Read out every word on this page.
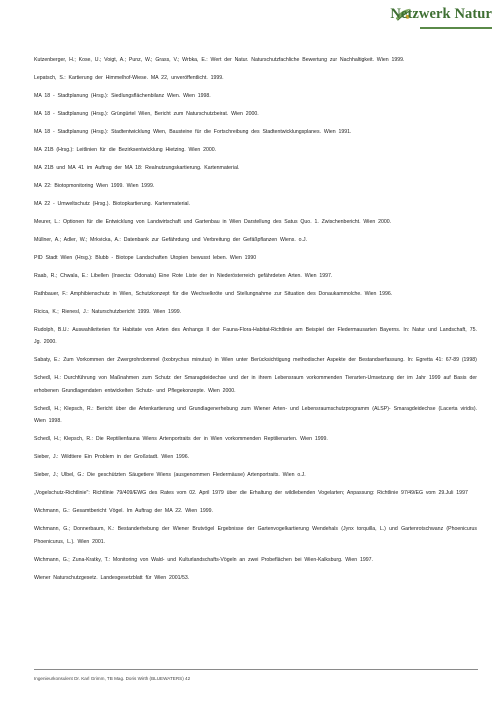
Netzwerk Natur

Kutzenberger, H.; Kose, U.; Voigt, A.; Punz, W.; Grass, V.; Wrbka, E.: Wert der Natur. Naturschutzfachliche Bewertung zur Nachhaltigkeit. Wien 1999.

Lepatsch, S.: Kartierung der Himmelhof-Wiese. MA 22, unveröffentlicht. 1999.

MA 18 - Stadtplanung (Hrsg.): Siedlungsflächenbilanz Wien. Wien 1998.

MA 18 - Stadtplanung (Hrsg.): Grüngürtel Wien, Bericht zum Naturschutzbeirat. Wien 2000.

MA 18 - Stadtplanung (Hrsg.): Stadtentwicklung Wien, Bausteine für die Fortschreibung des Stadtentwicklungsplanes. Wien 1991.

MA 21B (Hrsg.): Leitlinien für die Bezirksentwicklung Hietzing. Wien 2000.

MA 21B und MA 41 im Auftrag der MA 18: Realnutzungskartierung. Kartenmaterial.

MA 22: Biotopmonitoring Wien 1999. Wien 1999.

MA 22 - Umweltschutz (Hrsg.). Biotopkartierung. Kartenmaterial.

Meurer, L.: Optionen für die Entwicklung von Landwirtschaft und Gartenbau in Wien Darstellung des Satus Quo. 1. Zwischenbericht. Wien 2000.

Müllner, A.; Adler, W.; Mrkvicka, A.: Datenbank zur Gefährdung und Verbreitung der Gefäßpflanzen Wiens. o.J.

PID Stadt Wien (Hrsg.): Blubb - Biotope Landschaften Utopien bewusst leben. Wien 1990

Raab, R.; Chwala, E.: Libellen (Insecta: Odonata) Eine Rote Liste der in Niederösterreich gefährdeten Arten. Wien 1997.

Rathbauer, F.: Amphibienschutz in Wien, Schutzkonzept für die Wechselkröte und Stellungnahme zur Situation des Donaukammolche. Wien 1996.

Ricica, K.; Rienesl, J.: Naturschutzbericht 1999. Wien 1999.

Rudolph, B.U.: Auswahlkriterien für Habitate von Arten des Anhangs II der Fauna-Flora-Habitat-Richtlinie am Beispiel der Fledermausarten Bayerns. In: Natur und Landschaft, 75. Jg. 2000.

Sabaty, E.: Zum Vorkommen der Zwergrohrdommel (Ixobrychus minutus) in Wien unter Berücksichtigung methodischer Aspekte der Bestandserfassung. In: Egretta 41: 67-89 (1998)

Schedl, H.: Durchführung von Maßnahmen zum Schutz der Smaragdeidechse und der in ihrem Lebensraum vorkommenden Tierarten-Umsetzung der im Jahr 1999 auf Basis der erhobenen Grundlagendaten entwickelten Schutz- und Pflegekonzepte. Wien 2000.

Schedl, H.; Klepsch, R.: Bericht über die Artenkartierung und Grundlagenerhebung zum Wiener Arten- und Lebensraumschutzprogramm (ALSP)- Smaragdeidechse (Lacerta viridis). Wien 1998.

Schedl, H.; Klepsch, R.: Die Reptilienfauna Wiens Artenportraits der in Wien vorkommenden Reptilienarten. Wien 1999.

Sieber, J.: Wildtiere Ein Problem in der Großstadt. Wien 1996.

Sieber, J.; Ulbel, G.: Die geschützten Säugetiere Wiens (ausgenommen Fledermäuse) Artenportraits. Wien o.J.

„Vogelschutz-Richtlinie": Richtlinie 79/409/EWG des Rates vom 02. April 1979 über die Erhaltung der wildlebenden Vogelarten; Anpassung: Richtlinie 97/49/EG vom 29.Juli 1997

Wichmann, G.: Gesamtbericht Vögel. Im Auftrag der MA 22. Wien 1999.

Wichmann, G.; Donnerbaum, K.: Bestanderhebung der Wiener Brutvögel Ergebnisse der Gartenvogelkartierung Wendehals (Jynx torquilla, L.) und Gartenrotschwanz (Phoenicurus Phoenicurus, L.). Wien 2001.

Wichmann, G.; Zuna-Kratky, T.: Monitoring von Wald- und Kulturlandschafts-Vögeln an zwei Probeflächen bei Wien-Kalksburg. Wien 1997.

Wiener Naturschutzgesetz. Landesgesetzblatt für Wien 2001/53.

Ingenieurkonsulent Dr. Karl Grimm, TB Mag. Doris Wirth (BLUEWATERS) 42
